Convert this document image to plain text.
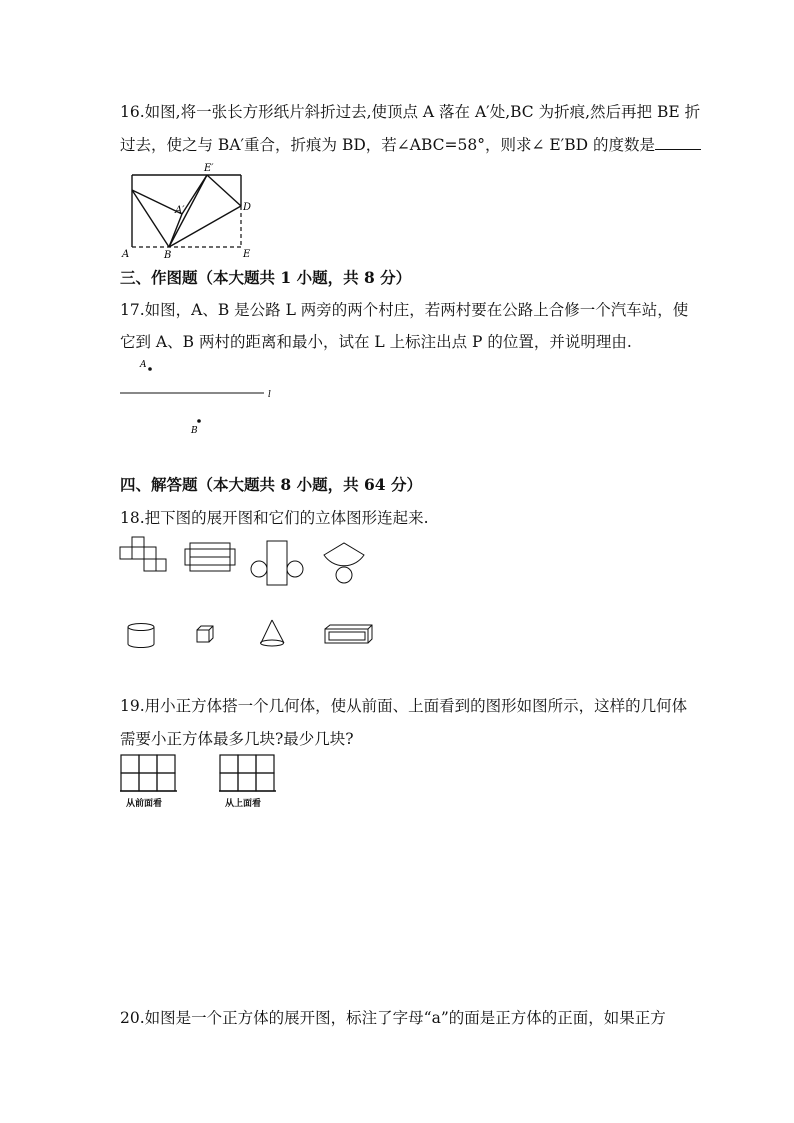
16.如图,将一张长方形纸片斜折过去,使顶点 A 落在 A′处,BC 为折痕,然后再把 BE 折
过去，使之与 BA′重合，折痕为 BD，若∠ABC=58°，则求∠ E′BD 的度数是
A	B	E
D
E′
A′
三、作图题（本大题共 1 小题，共 8 分）
17.如图，A、B 是公路 L 两旁的两个村庄，若两村要在公路上合修一个汽车站，使
它到 A、B 两村的距离和最小，试在 L 上标注出点 P 的位置，并说明理由.
A
l
B
四、解答题（本大题共 8 小题，共 64 分）
18.把下图的展开图和它们的立体图形连起来.
19.用小正方体搭一个几何体，使从前面、上面看到的图形如图所示，这样的几何体
需要小正方体最多几块?最少几块?
从前面看	从上面看
20.如图是一个正方体的展开图，标注了字母“a”的面是正方体的正面，如果正方
